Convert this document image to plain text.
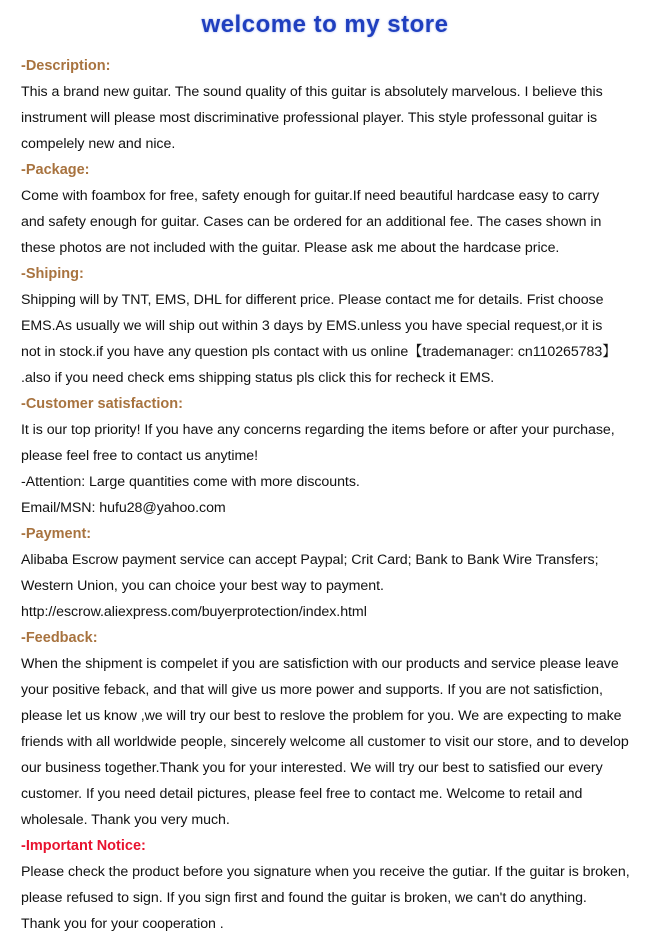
welcome to my store
-Description:
This a brand new guitar. The sound quality of this guitar is absolutely marvelous. I believe this
instrument will please most discriminative professional player. This style professonal guitar is
compelely new and nice.
-Package:
Come with foambox for free, safety enough for guitar.If need beautiful hardcase easy to carry
and safety enough for guitar. Cases can be ordered for an additional fee. The cases shown in
these photos are not included with the guitar. Please ask me about the hardcase price.
-Shiping:
Shipping will by TNT, EMS, DHL for different price. Please contact me for details. Frist choose
EMS.As usually we will ship out within 3 days by EMS.unless you have special request,or it is
not in stock.if you have any question pls contact with us online【trademanager: cn110265783】
.also if you need check ems shipping status pls click this for recheck it EMS.
-Customer satisfaction:
It is our top priority! If you have any concerns regarding the items before or after your purchase,
please feel free to contact us anytime!
-Attention: Large quantities come with more discounts.
Email/MSN: hufu28@yahoo.com
-Payment:
Alibaba Escrow payment service can accept Paypal; Crit Card; Bank to Bank Wire Transfers;
Western Union, you can choice your best way to payment.
http://escrow.aliexpress.com/buyerprotection/index.html
-Feedback:
When the shipment is compelet if you are satisfiction with our products and service please leave
your positive feback, and that will give us more power and supports. If you are not satisfiction,
please let us know ,we will try our best to reslove the problem for you. We are expecting to make
friends with all worldwide people, sincerely welcome all customer to visit our store, and to develop
our business together.Thank you for your interested. We will try our best to satisfied our every
customer. If you need detail pictures, please feel free to contact me. Welcome to retail and
wholesale. Thank you very much.
-Important Notice:
Please check the product before you signature when you receive the gutiar. If the guitar is broken,
please refused to sign. If you sign first and found the guitar is broken, we can't do anything.
Thank you for your cooperation .
